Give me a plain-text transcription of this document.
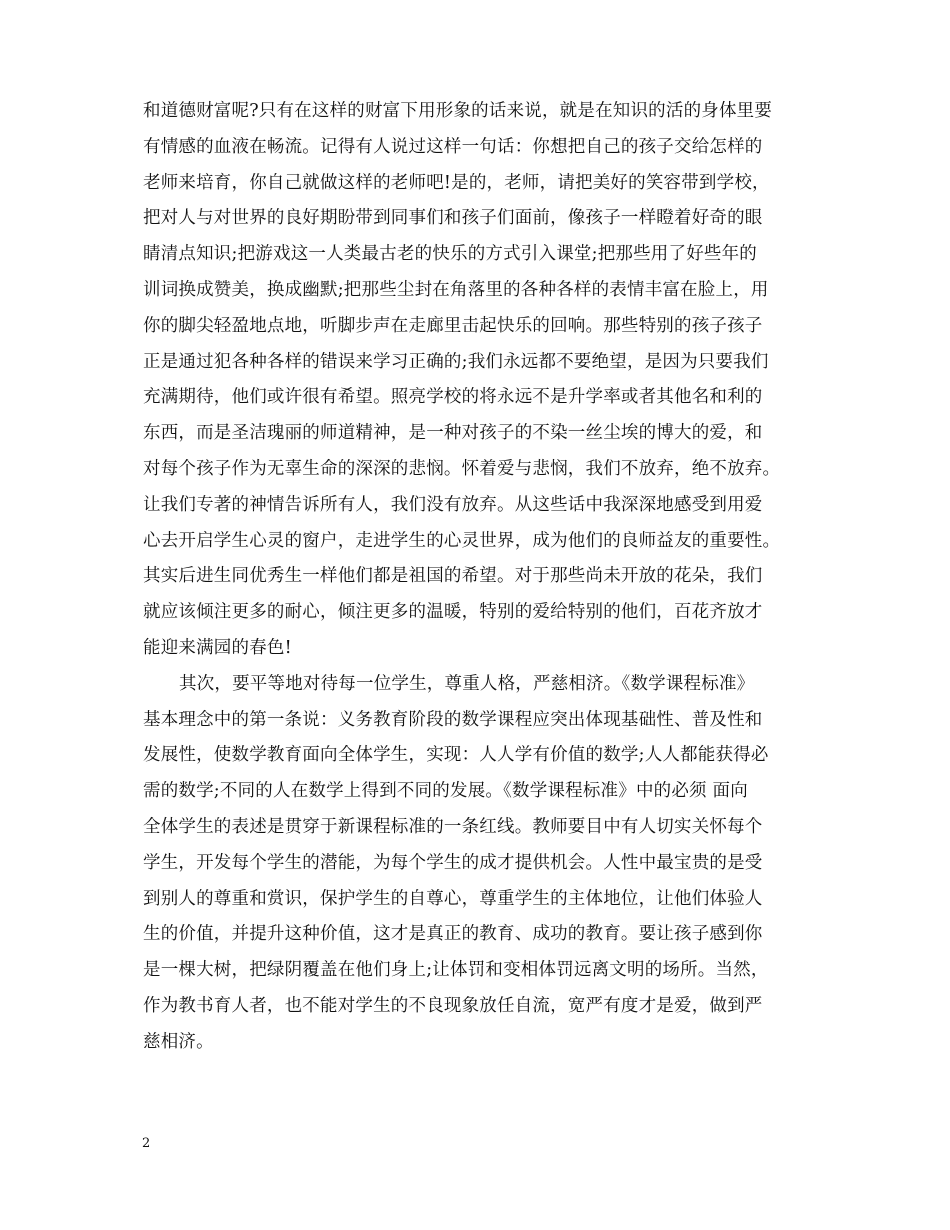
和道德财富呢?只有在这样的财富下用形象的话来说，就是在知识的活的身体里要
有情感的血液在畅流。记得有人说过这样一句话：你想把自己的孩子交给怎样的
老师来培育，你自己就做这样的老师吧!是的，老师，请把美好的笑容带到学校，
把对人与对世界的良好期盼带到同事们和孩子们面前，像孩子一样瞪着好奇的眼
睛清点知识;把游戏这一人类最古老的快乐的方式引入课堂;把那些用了好些年的
训词换成赞美，换成幽默;把那些尘封在角落里的各种各样的表情丰富在脸上，用
你的脚尖轻盈地点地，听脚步声在走廊里击起快乐的回响。那些特别的孩子孩子
正是通过犯各种各样的错误来学习正确的;我们永远都不要绝望，是因为只要我们
充满期待，他们或许很有希望。照亮学校的将永远不是升学率或者其他名和利的
东西，而是圣洁瑰丽的师道精神，是一种对孩子的不染一丝尘埃的博大的爱，和
对每个孩子作为无辜生命的深深的悲悯。怀着爱与悲悯，我们不放弃，绝不放弃。
让我们专著的神情告诉所有人，我们没有放弃。从这些话中我深深地感受到用爱
心去开启学生心灵的窗户，走进学生的心灵世界，成为他们的良师益友的重要性。
其实后进生同优秀生一样他们都是祖国的希望。对于那些尚未开放的花朵，我们
就应该倾注更多的耐心，倾注更多的温暖，特别的爱给特别的他们，百花齐放才
能迎来满园的春色!
其次，要平等地对待每一位学生，尊重人格，严慈相济。《数学课程标准》
基本理念中的第一条说：义务教育阶段的数学课程应突出体现基础性、普及性和
发展性，使数学教育面向全体学生，实现：人人学有价值的数学;人人都能获得必
需的数学;不同的人在数学上得到不同的发展。《数学课程标准》中的必须 面向
全体学生的表述是贯穿于新课程标准的一条红线。教师要目中有人切实关怀每个
学生，开发每个学生的潜能，为每个学生的成才提供机会。人性中最宝贵的是受
到别人的尊重和赏识，保护学生的自尊心，尊重学生的主体地位，让他们体验人
生的价值，并提升这种价值，这才是真正的教育、成功的教育。要让孩子感到你
是一棵大树，把绿阴覆盖在他们身上;让体罚和变相体罚远离文明的场所。当然，
作为教书育人者，也不能对学生的不良现象放任自流，宽严有度才是爱，做到严
慈相济。
2
